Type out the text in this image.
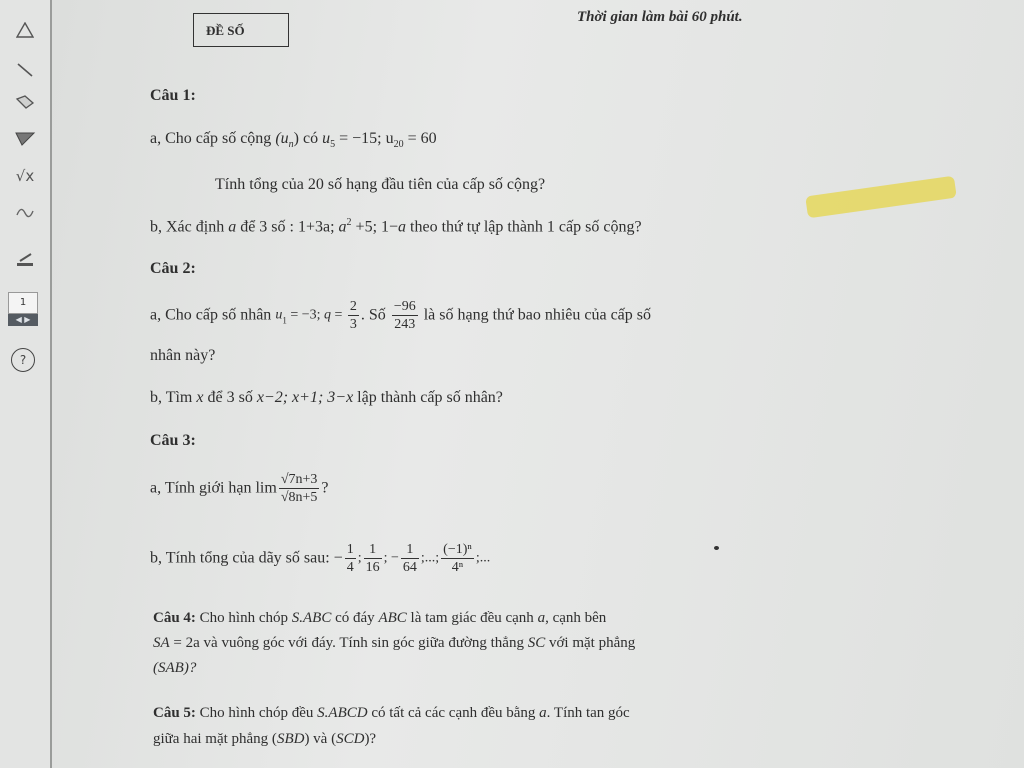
√x
1
◀ ▶
?
ĐỀ SỐ
Thời gian làm bài 60 phút.
Câu 1:
a, Cho cấp số cộng $(u_n)$ có $u_5 = -15$; $u_{20} = 60$
Tính tổng của 20 số hạng đầu tiên của cấp số cộng?
b, Xác định a để 3 số : 1+3a; $a^2 +5$; 1−a theo thứ tự lập thành 1 cấp số cộng?
Câu 2:
a, Cho cấp số nhân $u_1 = -3$; $q = \frac{2}{3}$ . Số $\frac{-96}{243}$ là số hạng thứ bao nhiêu của cấp số
nhân này?
b, Tìm x để 3 số x−2; x+1; 3−x lập thành cấp số nhân?
Câu 3:
a, Tính giới hạn $\lim \frac{√7n+3}{√8n+5}$ ?
b, Tính tổng của dãy số sau: − $\frac{1}{4}$ ; $\frac{1}{16}$ ; − $\frac{1}{64}$ ;...; $\frac{\text{(−1)ⁿ}}{\text{4ⁿ}}$ ;...
Câu 4: Cho hình chóp S.ABC có đáy ABC là tam giác đều cạnh a, cạnh bên
SA = 2a và vuông góc với đáy. Tính sin góc giữa đường thẳng SC với mặt phẳng
(SAB)?
Câu 5: Cho hình chóp đều S.ABCD có tất cả các cạnh đều bằng a. Tính tan góc
giữa hai mặt phẳng (SBD) và (SCD)?
